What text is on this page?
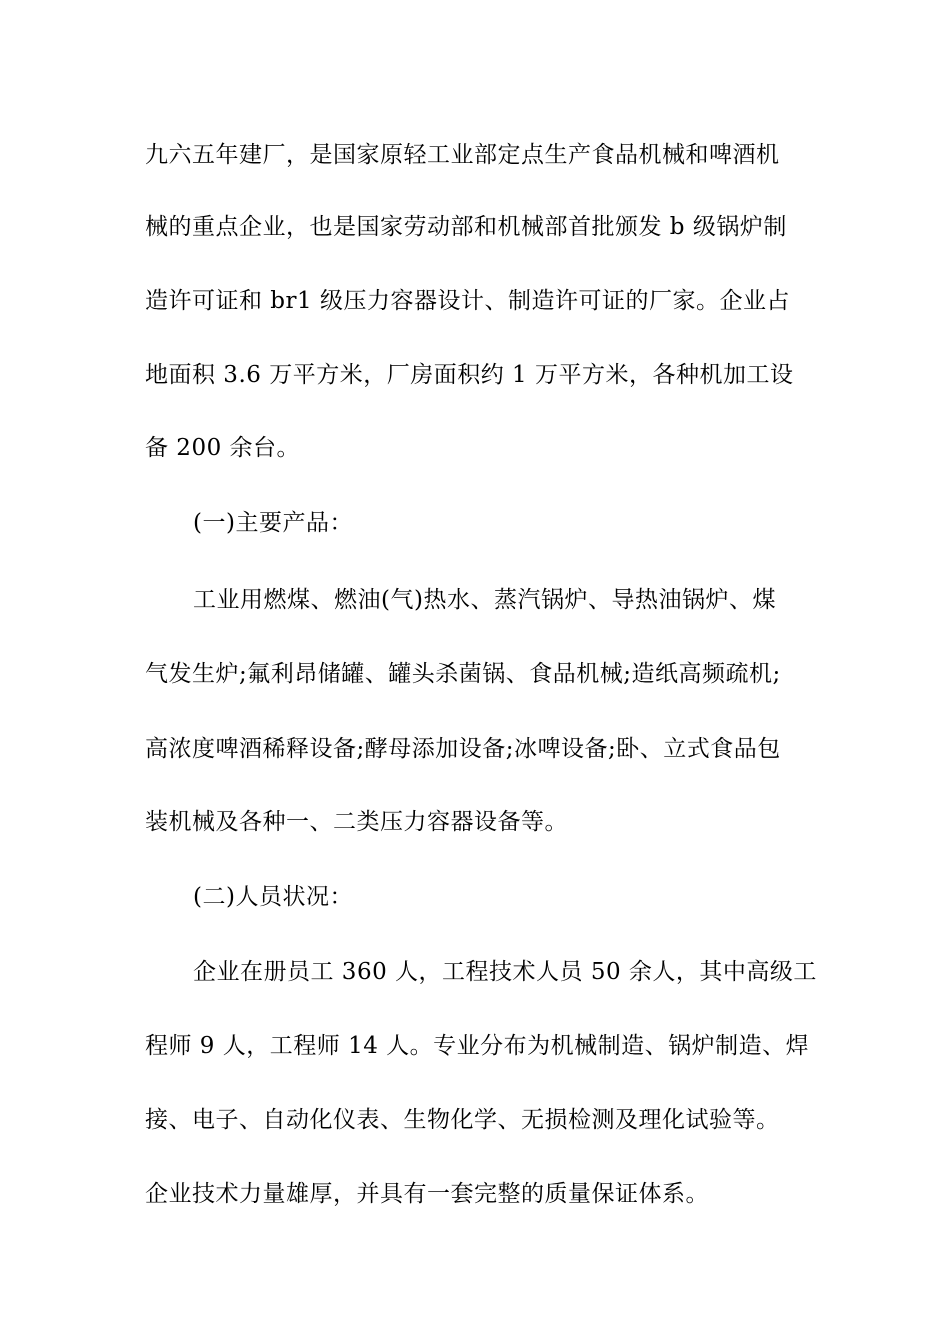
九六五年建厂，是国家原轻工业部定点生产食品机械和啤酒机
械的重点企业，也是国家劳动部和机械部首批颁发 b 级锅炉制
造许可证和 br1 级压力容器设计、制造许可证的厂家。企业占
地面积 3.6 万平方米，厂房面积约 1 万平方米，各种机加工设
备 200 余台。
(一)主要产品：
工业用燃煤、燃油(气)热水、蒸汽锅炉、导热油锅炉、煤
气发生炉;氟利昂储罐、罐头杀菌锅、食品机械;造纸高频疏机;
高浓度啤酒稀释设备;酵母添加设备;冰啤设备;卧、立式食品包
装机械及各种一、二类压力容器设备等。
(二)人员状况：
企业在册员工 360 人，工程技术人员 50 余人，其中高级工
程师 9 人，工程师 14 人。专业分布为机械制造、锅炉制造、焊
接、电子、自动化仪表、生物化学、无损检测及理化试验等。
企业技术力量雄厚，并具有一套完整的质量保证体系。
